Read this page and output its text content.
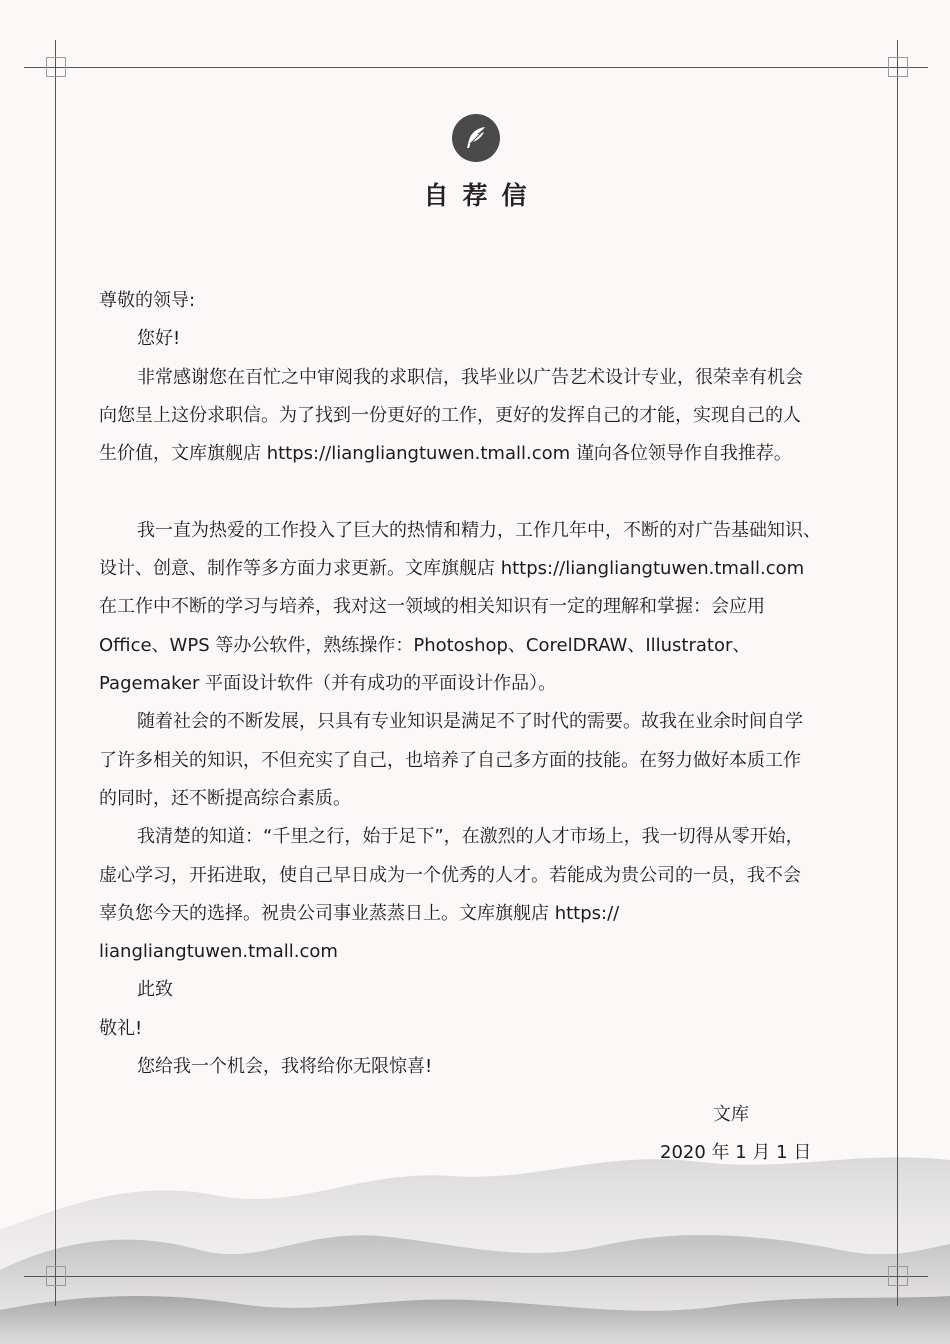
自荐信
尊敬的领导:
您好!
非常感谢您在百忙之中审阅我的求职信，我毕业以广告艺术设计专业，很荣幸有机会
向您呈上这份求职信。为了找到一份更好的工作，更好的发挥自己的才能，实现自己的人
生价值，文库旗舰店 https://liangliangtuwen.tmall.com 谨向各位领导作自我推荐。
我一直为热爱的工作投入了巨大的热情和精力，工作几年中，不断的对广告基础知识、
设计、创意、制作等多方面力求更新。文库旗舰店 https://liangliangtuwen.tmall.com
在工作中不断的学习与培养，我对这一领域的相关知识有一定的理解和掌握：会应用
Office、WPS 等办公软件，熟练操作：Photoshop、CorelDRAW、Illustrator、
Pagemaker 平面设计软件（并有成功的平面设计作品）。
随着社会的不断发展，只具有专业知识是满足不了时代的需要。故我在业余时间自学
了许多相关的知识，不但充实了自己，也培养了自己多方面的技能。在努力做好本质工作
的同时，还不断提高综合素质。
我清楚的知道：“千里之行，始于足下”，在激烈的人才市场上，我一切得从零开始，
虚心学习，开拓进取，使自己早日成为一个优秀的人才。若能成为贵公司的一员，我不会
辜负您今天的选择。祝贵公司事业蒸蒸日上。文库旗舰店 https://
liangliangtuwen.tmall.com
此致
敬礼!
您给我一个机会，我将给你无限惊喜!
文库
2020 年 1 月 1 日
